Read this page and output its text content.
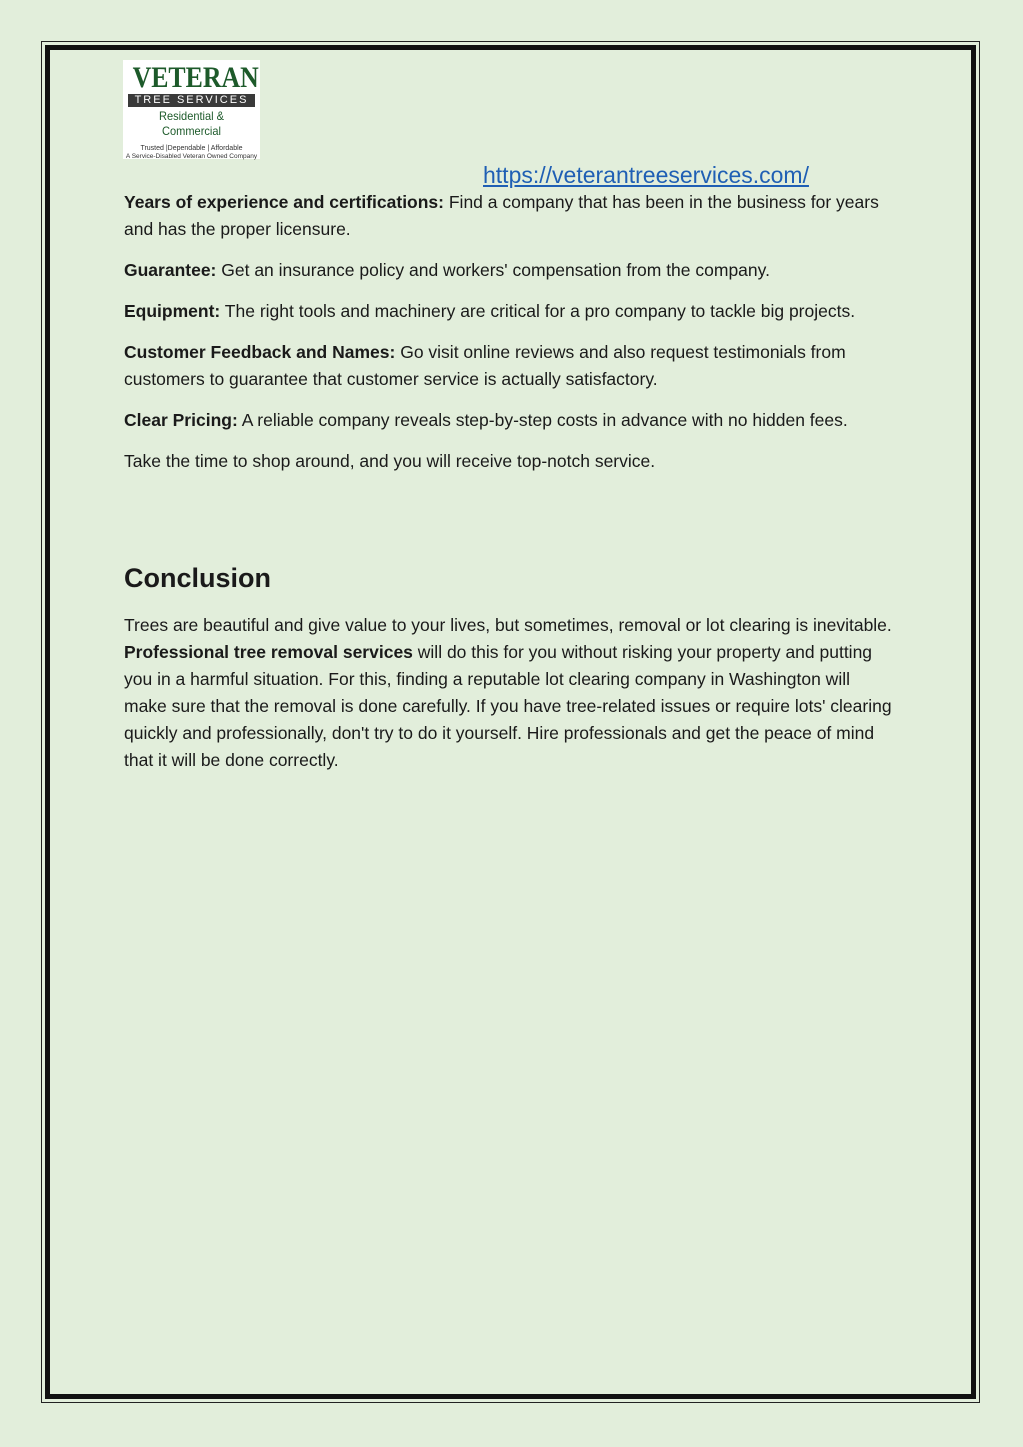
VETERAN
TREE SERVICES
Residential & Commercial
Trusted |Dependable | Affordable
A Service-Disabled Veteran Owned Company
https://veterantreeservices.com/

Years of experience and certifications: Find a company that has been in the business for years and has the proper licensure.

Guarantee: Get an insurance policy and workers' compensation from the company.

Equipment: The right tools and machinery are critical for a pro company to tackle big projects.

Customer Feedback and Names: Go visit online reviews and also request testimonials from customers to guarantee that customer service is actually satisfactory.

Clear Pricing: A reliable company reveals step-by-step costs in advance with no hidden fees.

Take the time to shop around, and you will receive top-notch service.

Conclusion

Trees are beautiful and give value to your lives, but sometimes, removal or lot clearing is inevitable. Professional tree removal services will do this for you without risking your property and putting you in a harmful situation. For this, finding a reputable lot clearing company in Washington will make sure that the removal is done carefully. If you have tree-related issues or require lots' clearing quickly and professionally, don't try to do it yourself. Hire professionals and get the peace of mind that it will be done correctly.
